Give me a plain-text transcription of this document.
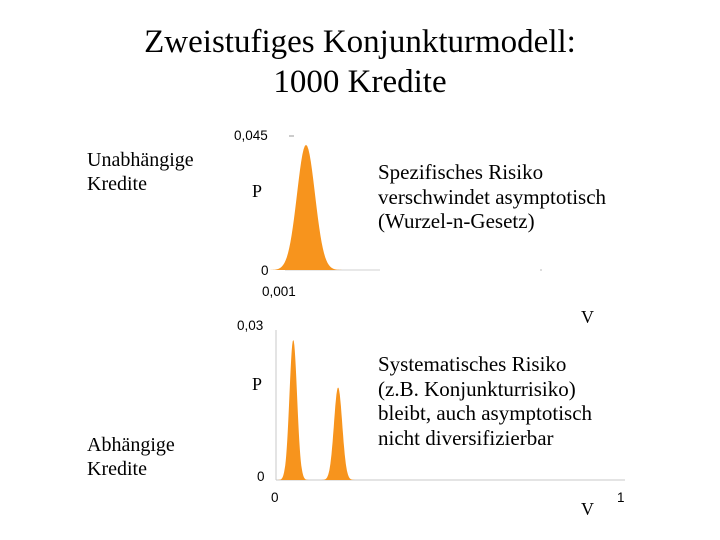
Zweistufiges Konjunkturmodell:
1000 Kredite
Unabhängige
Kredite
Abhängige
Kredite
0,045
0
0,001
P
V
0,03
0
0	1
P
V
Spezifisches Risiko
verschwindet asymptotisch
(Wurzel-n-Gesetz)
Systematisches Risiko
(z.B. Konjunkturrisiko)
bleibt, auch asymptotisch
nicht diversifizierbar
